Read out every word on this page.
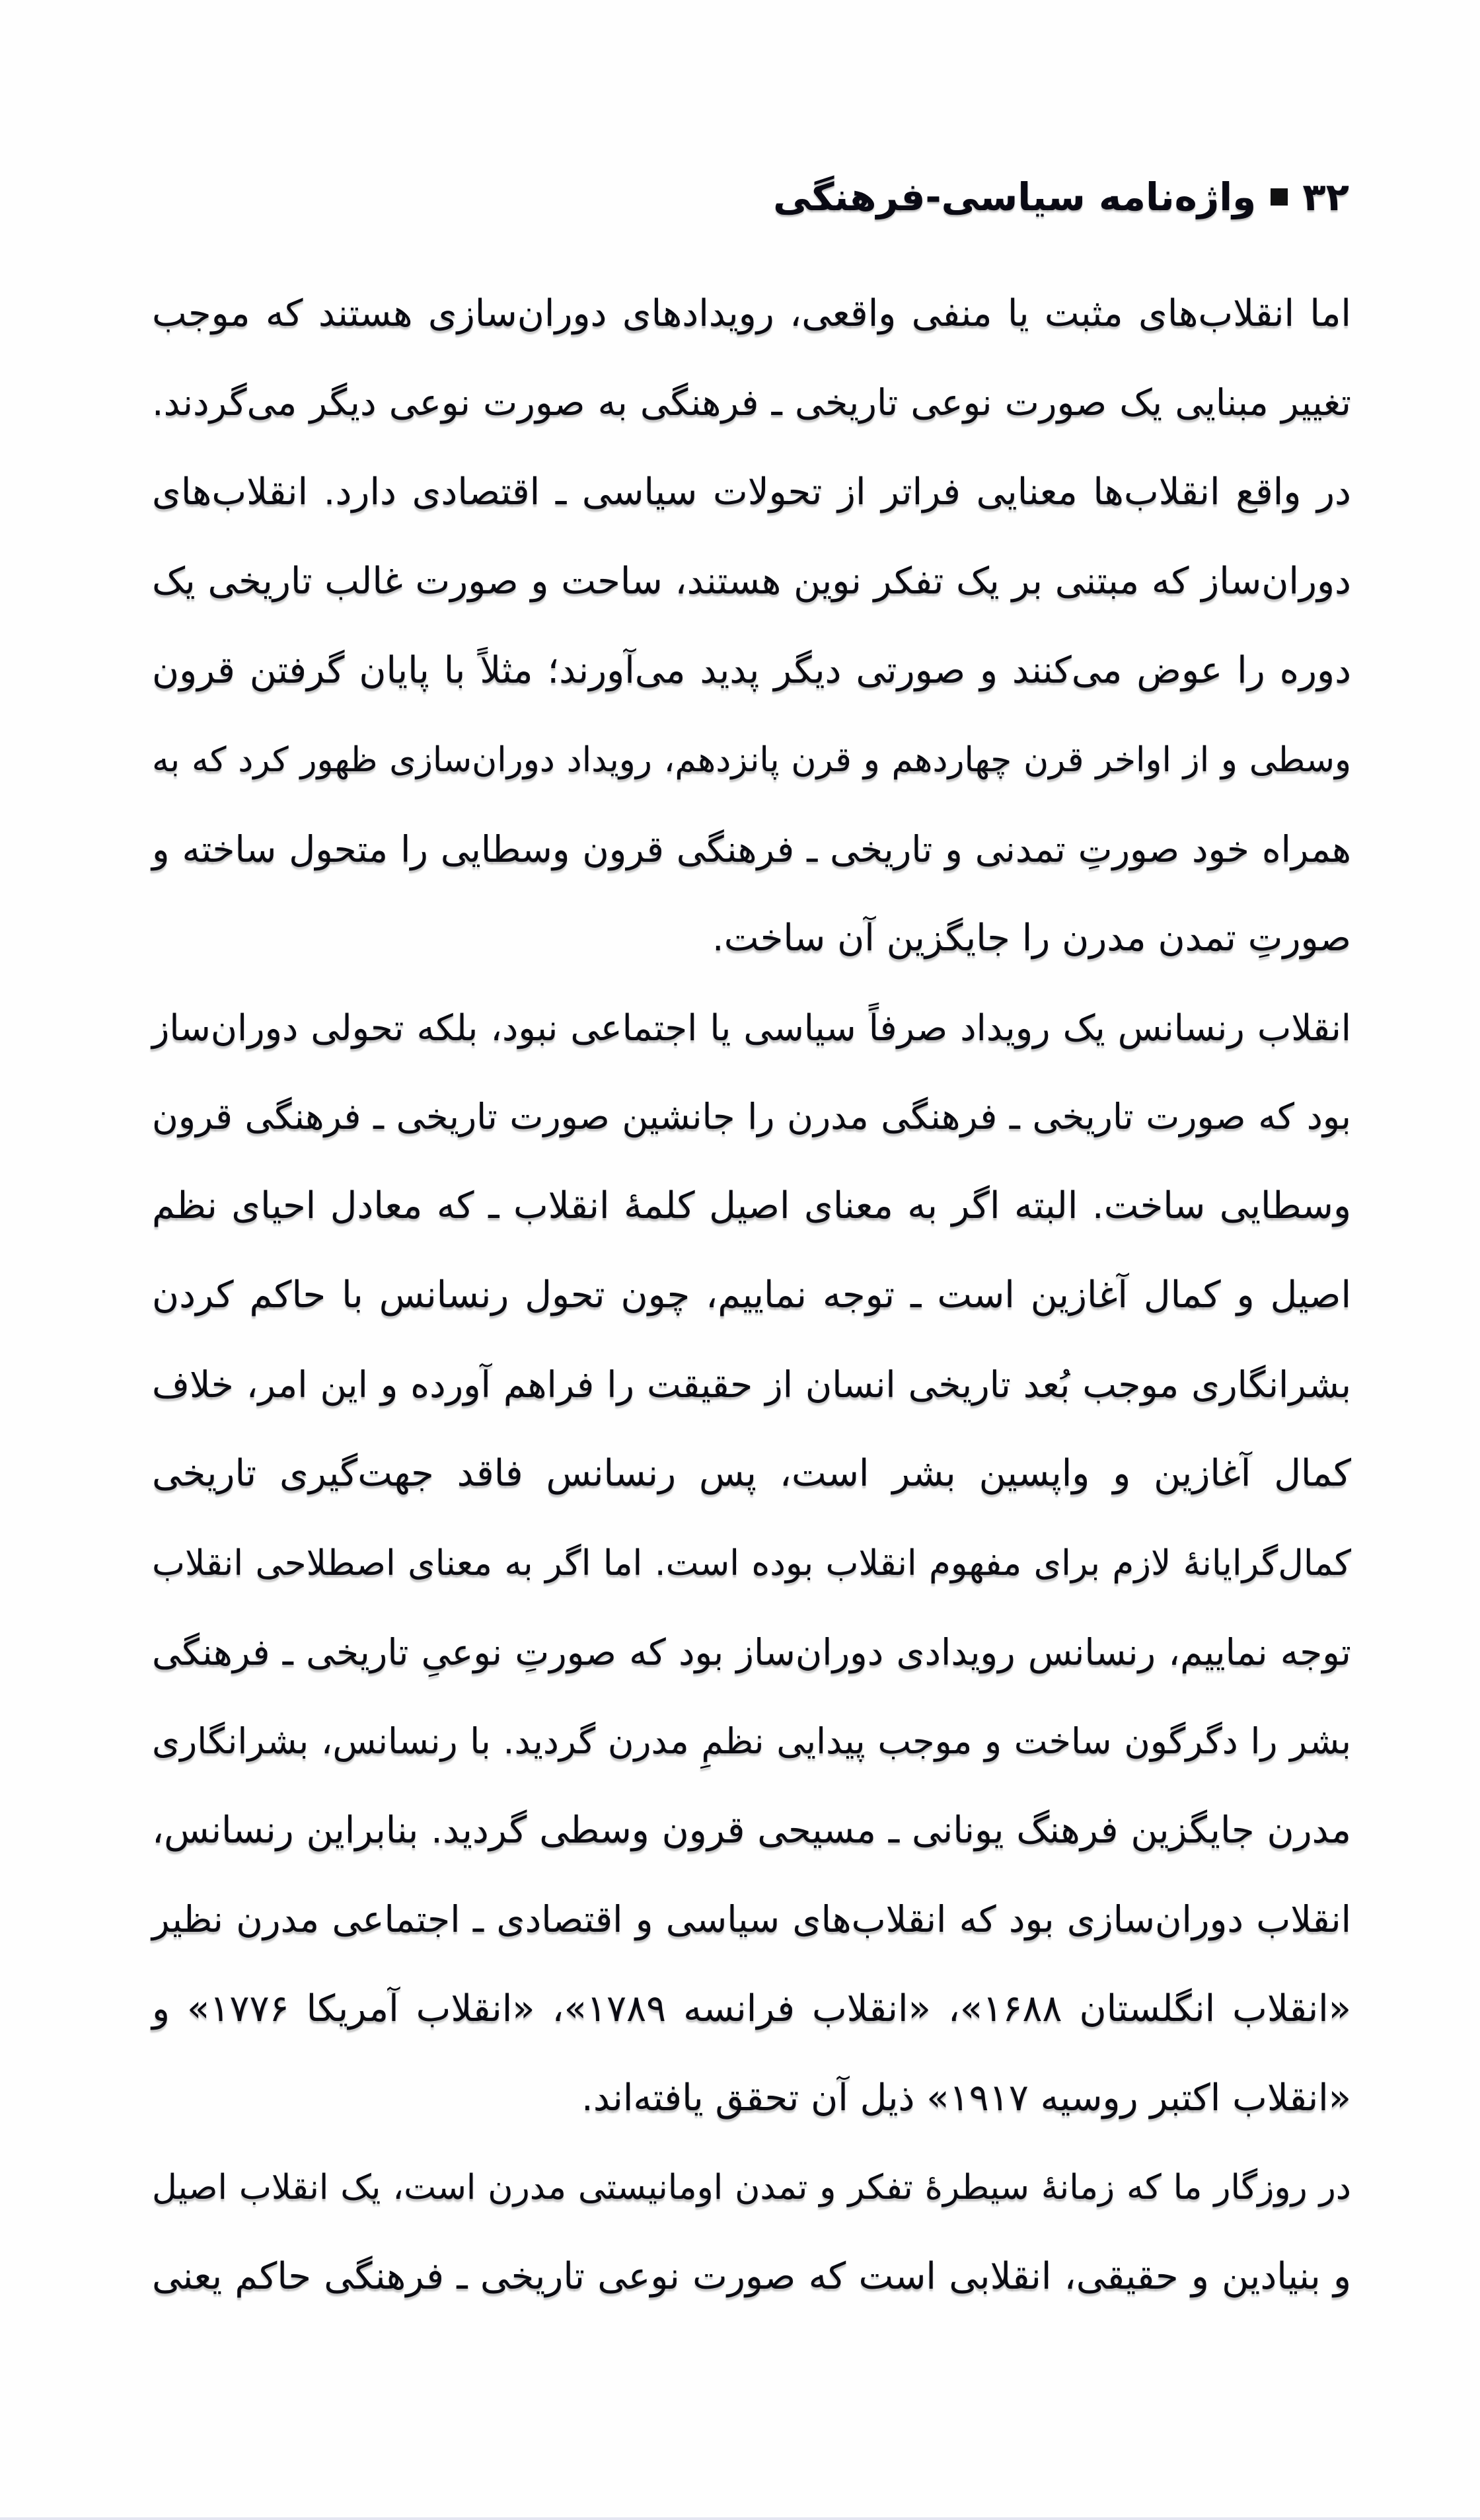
۳۲
واژه‌نامه سیاسی-فرهنگی
اما انقلاب‌های مثبت یا منفی واقعی، رویدادهای دوران‌سازی هستند که موجب
تغییر مبنایی یک صورت نوعی تاریخی ـ فرهنگی به صورت نوعی دیگر می‌گردند.
در واقع انقلاب‌ها معنایی فراتر از تحولات سیاسی ـ اقتصادی دارد. انقلاب‌های
دوران‌ساز که مبتنی بر یک تفکر نوین هستند، ساحت و صورت غالب تاریخی یک
دوره را عوض می‌کنند و صورتی دیگر پدید می‌آورند؛ مثلاً با پایان گرفتن قرون
وسطی و از اواخر قرن چهاردهم و قرن پانزدهم، رویداد دوران‌سازی ظهور کرد که به
همراه خود صورتِ تمدنی و تاریخی ـ فرهنگی قرون وسطایی را متحول ساخته و
صورتِ تمدن مدرن را جایگزین آن ساخت.
انقلاب رنسانس یک رویداد صرفاً سیاسی یا اجتماعی نبود، بلکه تحولی دوران‌ساز
بود که صورت تاریخی ـ فرهنگی مدرن را جانشین صورت تاریخی ـ فرهنگی قرون
وسطایی ساخت. البته اگر به معنای اصیل کلمهٔ انقلاب ـ که معادل احیای نظم
اصیل و کمال آغازین است ـ توجه نماییم، چون تحول رنسانس با حاکم کردن
بشرانگاری موجب بُعد تاریخی انسان از حقیقت را فراهم آورده و این امر، خلاف
کمال آغازین و واپسین بشر است، پس رنسانس فاقد جهت‌گیری تاریخی
کمال‌گرایانهٔ لازم برای مفهوم انقلاب بوده است. اما اگر به معنای اصطلاحی انقلاب
توجه نماییم، رنسانس رویدادی دوران‌ساز بود که صورتِ نوعیِ تاریخی ـ فرهنگی
بشر را دگرگون ساخت و موجب پیدایی نظمِ مدرن گردید. با رنسانس، بشرانگاری
مدرن جایگزین فرهنگ یونانی ـ مسیحی قرون وسطی گردید. بنابراین رنسانس،
انقلاب دوران‌سازی بود که انقلاب‌های سیاسی و اقتصادی ـ اجتماعی مدرن نظیر
«انقلاب انگلستان ۱۶۸۸»، «انقلاب فرانسه ۱۷۸۹»، «انقلاب آمریکا ۱۷۷۶» و
«انقلاب اکتبر روسیه ۱۹۱۷» ذیل آن تحقق یافته‌اند.
در روزگار ما که زمانهٔ سیطرهٔ تفکر و تمدن اومانیستی مدرن است، یک انقلاب اصیل
و بنیادین و حقیقی، انقلابی است که صورت نوعی تاریخی ـ فرهنگی حاکم یعنی
